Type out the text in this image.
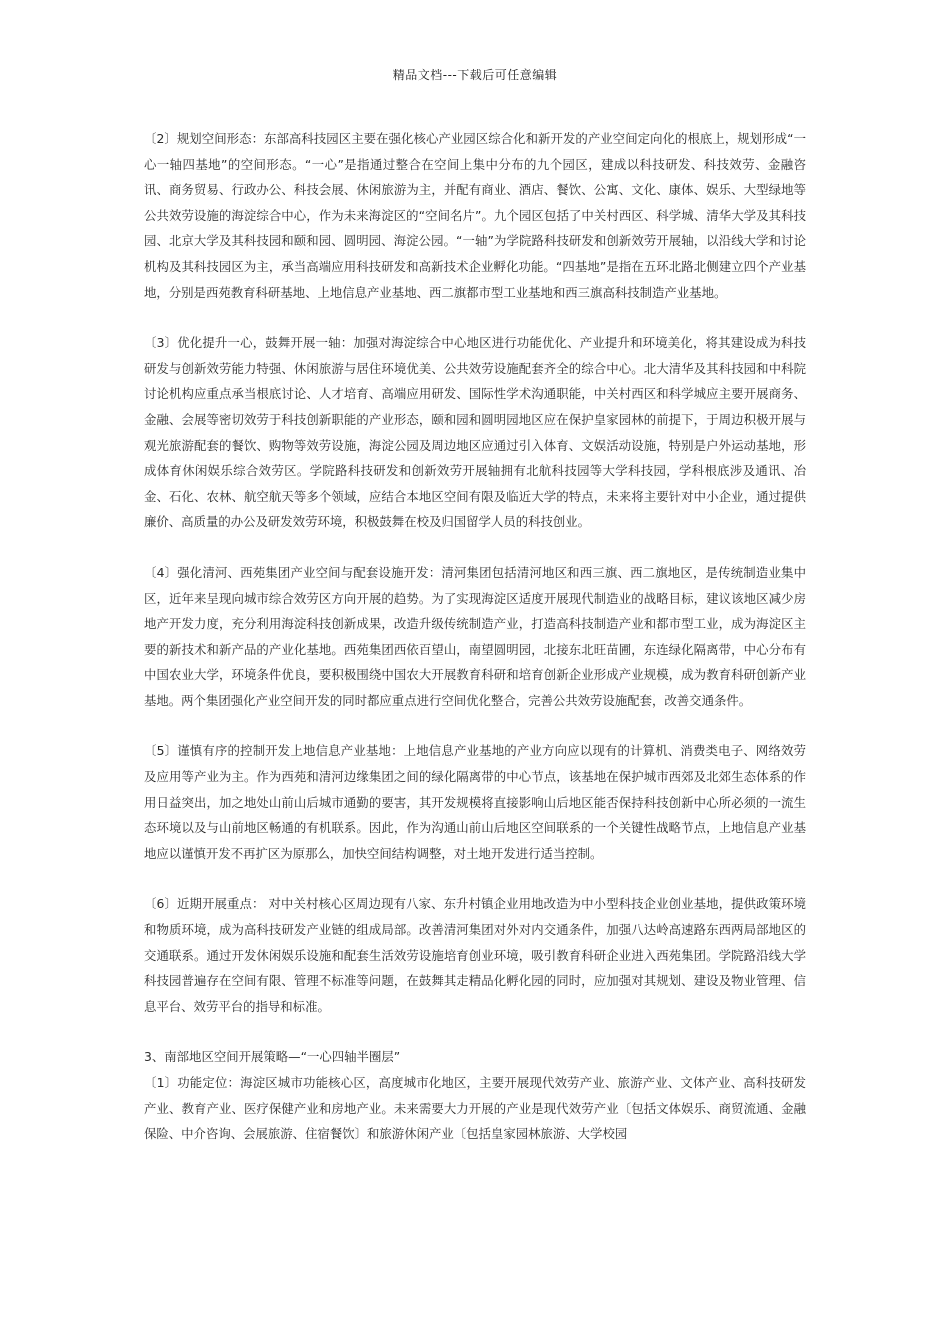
精品文档---下载后可任意编辑

〔2〕规划空间形态：东部高科技园区主要在强化核心产业园区综合化和新开发的产业空间定向化的根底上，规划形成“一心一轴四基地”的空间形态。“一心”是指通过整合在空间上集中分布的九个园区，建成以科技研发、科技效劳、金融咨讯、商务贸易、行政办公、科技会展、休闲旅游为主，并配有商业、酒店、餐饮、公寓、文化、康体、娱乐、大型绿地等公共效劳设施的海淀综合中心，作为未来海淀区的“空间名片”。九个园区包括了中关村西区、科学城、清华大学及其科技园、北京大学及其科技园和颐和园、圆明园、海淀公园。“一轴”为学院路科技研发和创新效劳开展轴，以沿线大学和讨论机构及其科技园区为主，承当高端应用科技研发和高新技术企业孵化功能。“四基地”是指在五环北路北侧建立四个产业基地，分别是西苑教育科研基地、上地信息产业基地、西二旗都市型工业基地和西三旗高科技制造产业基地。

〔3〕优化提升一心，鼓舞开展一轴：加强对海淀综合中心地区进行功能优化、产业提升和环境美化，将其建设成为科技研发与创新效劳能力特强、休闲旅游与居住环境优美、公共效劳设施配套齐全的综合中心。北大清华及其科技园和中科院讨论机构应重点承当根底讨论、人才培育、高端应用研发、国际性学术沟通职能，中关村西区和科学城应主要开展商务、金融、会展等密切效劳于科技创新职能的产业形态，颐和园和圆明园地区应在保护皇家园林的前提下，于周边积极开展与观光旅游配套的餐饮、购物等效劳设施，海淀公园及周边地区应通过引入体育、文娱活动设施，特别是户外运动基地，形成体育休闲娱乐综合效劳区。学院路科技研发和创新效劳开展轴拥有北航科技园等大学科技园，学科根底涉及通讯、冶金、石化、农林、航空航天等多个领域，应结合本地区空间有限及临近大学的特点，未来将主要针对中小企业，通过提供廉价、高质量的办公及研发效劳环境，积极鼓舞在校及归国留学人员的科技创业。

〔4〕强化清河、西苑集团产业空间与配套设施开发：清河集团包括清河地区和西三旗、西二旗地区，是传统制造业集中区，近年来呈现向城市综合效劳区方向开展的趋势。为了实现海淀区适度开展现代制造业的战略目标，建议该地区减少房地产开发力度，充分利用海淀科技创新成果，改造升级传统制造产业，打造高科技制造产业和都市型工业，成为海淀区主要的新技术和新产品的产业化基地。西苑集团西依百望山，南望圆明园，北接东北旺苗圃，东连绿化隔离带，中心分布有中国农业大学，环境条件优良，要积极围绕中国农大开展教育科研和培育创新企业形成产业规模，成为教育科研创新产业基地。两个集团强化产业空间开发的同时都应重点进行空间优化整合，完善公共效劳设施配套，改善交通条件。

〔5〕谨慎有序的控制开发上地信息产业基地：上地信息产业基地的产业方向应以现有的计算机、消费类电子、网络效劳及应用等产业为主。作为西苑和清河边缘集团之间的绿化隔离带的中心节点，该基地在保护城市西郊及北郊生态体系的作用日益突出，加之地处山前山后城市通勤的要害，其开发规模将直接影响山后地区能否保持科技创新中心所必须的一流生态环境以及与山前地区畅通的有机联系。因此，作为沟通山前山后地区空间联系的一个关键性战略节点，上地信息产业基地应以谨慎开发不再扩区为原那么，加快空间结构调整，对土地开发进行适当控制。

〔6〕近期开展重点： 对中关村核心区周边现有八家、东升村镇企业用地改造为中小型科技企业创业基地，提供政策环境和物质环境，成为高科技研发产业链的组成局部。改善清河集团对外对内交通条件，加强八达岭高速路东西两局部地区的交通联系。通过开发休闲娱乐设施和配套生活效劳设施培育创业环境，吸引教育科研企业进入西苑集团。学院路沿线大学科技园普遍存在空间有限、管理不标准等问题，在鼓舞其走精品化孵化园的同时，应加强对其规划、建设及物业管理、信息平台、效劳平台的指导和标准。

3、南部地区空间开展策略—“一心四轴半圈层”

〔1〕功能定位：海淀区城市功能核心区，高度城市化地区，主要开展现代效劳产业、旅游产业、文体产业、高科技研发产业、教育产业、医疗保健产业和房地产业。未来需要大力开展的产业是现代效劳产业〔包括文体娱乐、商贸流通、金融保险、中介咨询、会展旅游、住宿餐饮〕和旅游休闲产业〔包括皇家园林旅游、大学校园
